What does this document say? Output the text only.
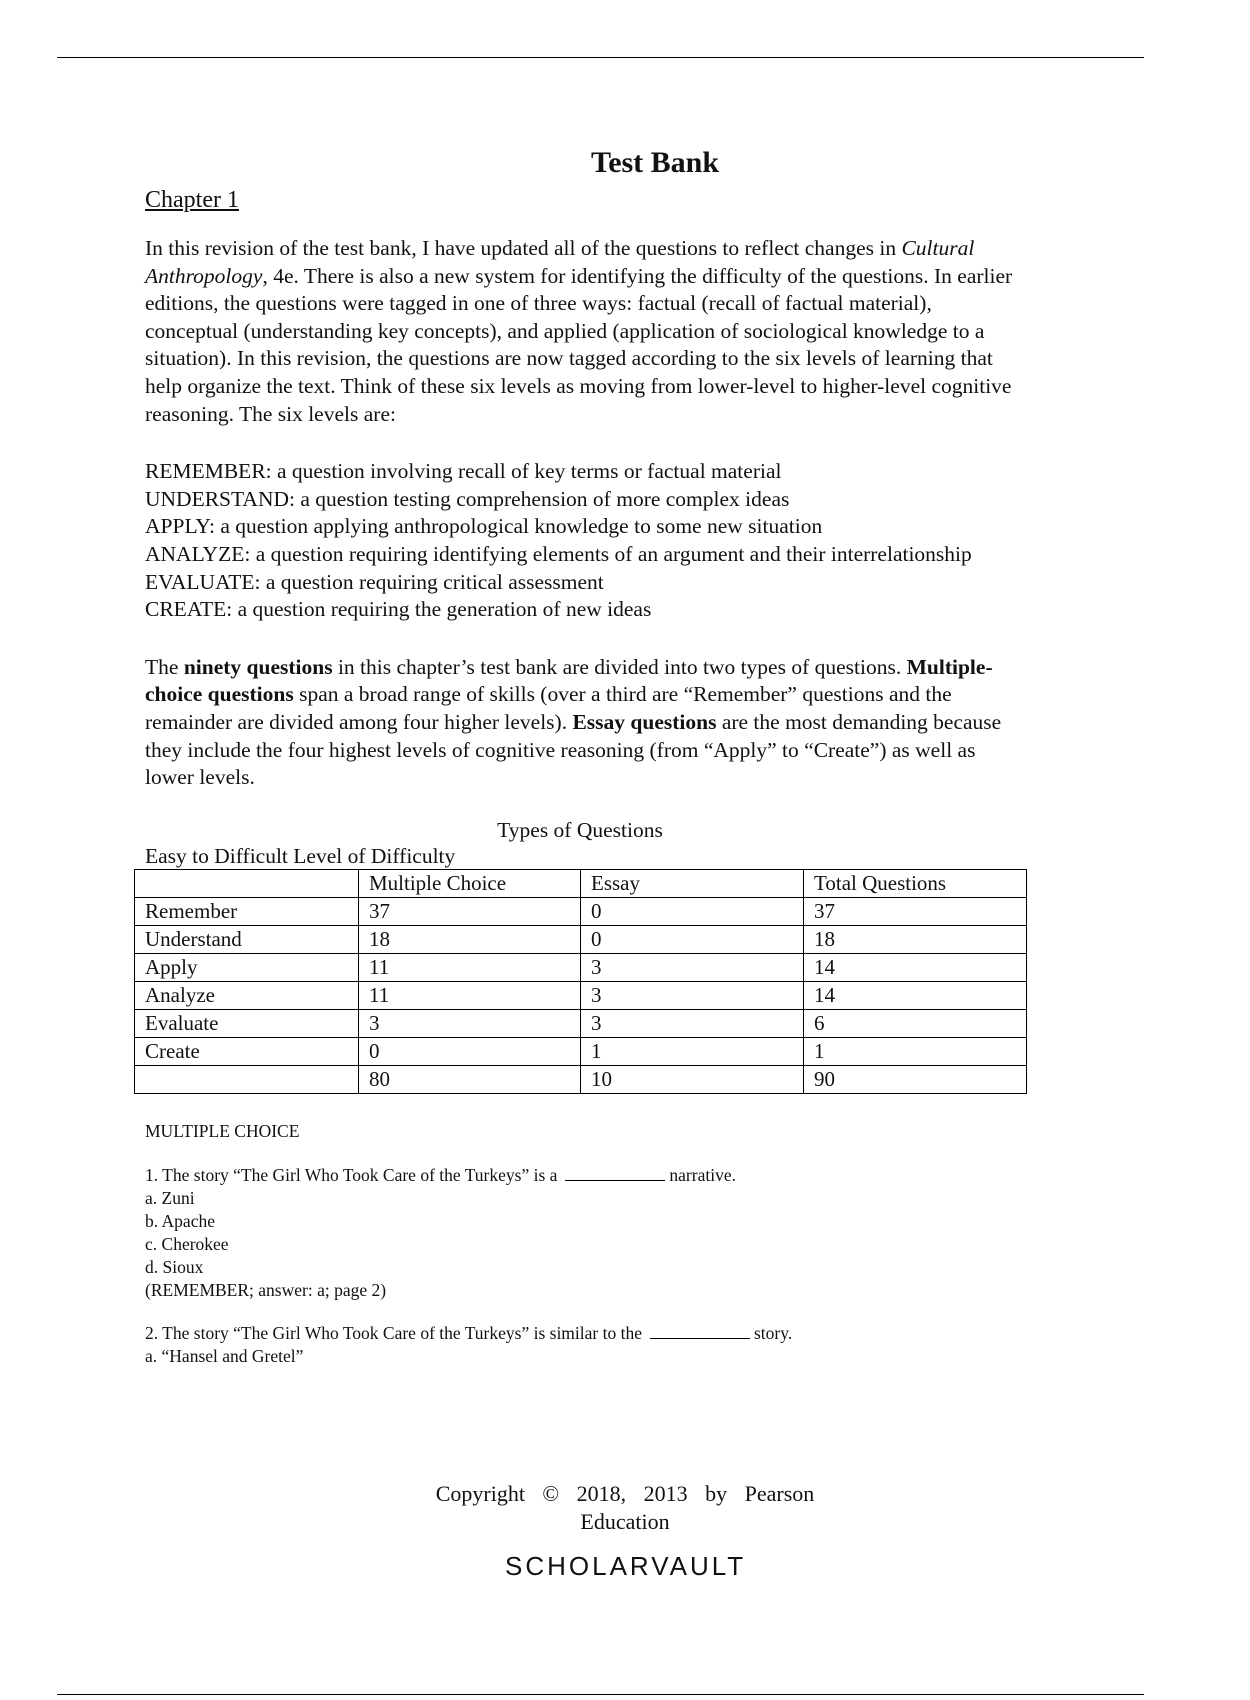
Test Bank
Chapter 1

In this revision of the test bank, I have updated all of the questions to reflect changes in Cultural Anthropology, 4e. There is also a new system for identifying the difficulty of the questions. In earlier editions, the questions were tagged in one of three ways: factual (recall of factual material), conceptual (understanding key concepts), and applied (application of sociological knowledge to a situation). In this revision, the questions are now tagged according to the six levels of learning that help organize the text. Think of these six levels as moving from lower-level to higher-level cognitive reasoning. The six levels are:

REMEMBER: a question involving recall of key terms or factual material
UNDERSTAND: a question testing comprehension of more complex ideas
APPLY: a question applying anthropological knowledge to some new situation
ANALYZE: a question requiring identifying elements of an argument and their interrelationship
EVALUATE: a question requiring critical assessment
CREATE: a question requiring the generation of new ideas

The ninety questions in this chapter’s test bank are divided into two types of questions. Multiple-choice questions span a broad range of skills (over a third are “Remember” questions and the remainder are divided among four higher levels). Essay questions are the most demanding because they include the four highest levels of cognitive reasoning (from “Apply” to “Create”) as well as lower levels.

Types of Questions
Easy to Difficult Level of Difficulty
	Multiple Choice	Essay	Total Questions
Remember	37	0	37
Understand	18	0	18
Apply	11	3	14
Analyze	11	3	14
Evaluate	3	3	6
Create	0	1	1
	80	10	90
MULTIPLE CHOICE
1. The story “The Girl Who Took Care of the Turkeys” is a	narrative.
a. Zuni
b. Apache
c. Cherokee
d. Sioux
(REMEMBER; answer: a; page 2)
2. The story “The Girl Who Took Care of the Turkeys” is similar to the	story.
a. “Hansel and Gretel”
Copyright © 2018, 2013 by Pearson
Education
SCHOLARVAULT
